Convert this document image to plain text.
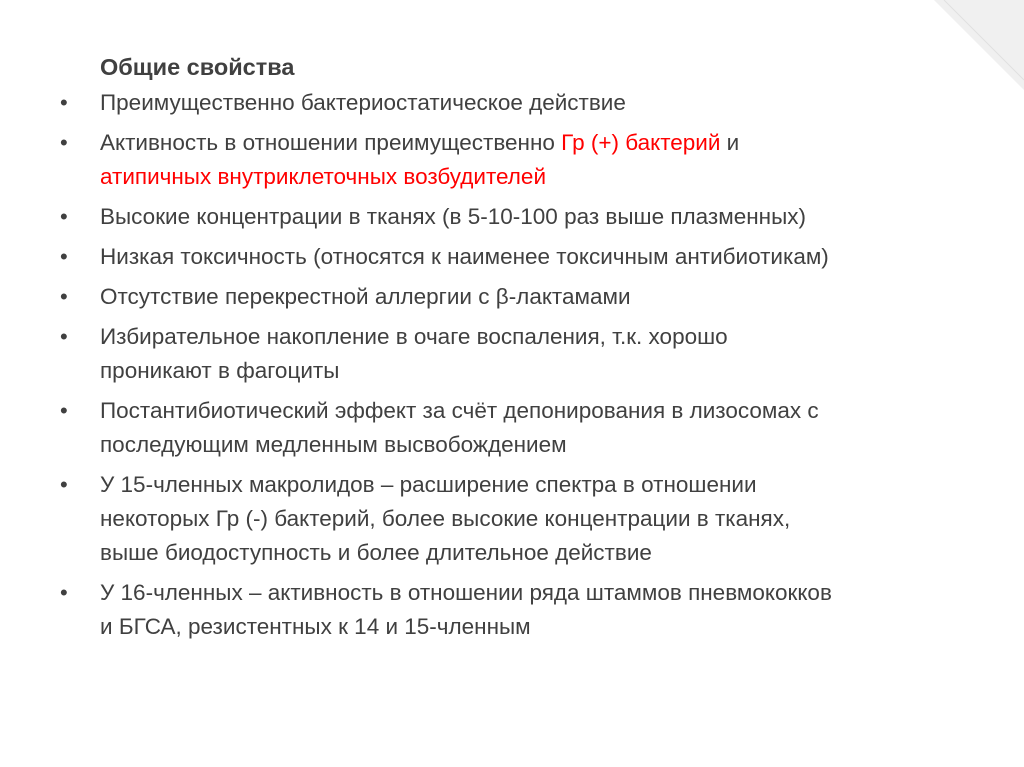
Общие свойства
•	Преимущественно бактериостатическое действие
•	Активность в отношении преимущественно Гр (+) бактерий и
атипичных внутриклеточных возбудителей
•	Высокие концентрации в тканях (в 5-10-100 раз выше плазменных)
•	Низкая токсичность (относятся к наименее токсичным антибиотикам)
•	Отсутствие перекрестной аллергии с β-лактамами
•	Избирательное накопление в очаге воспаления, т.к. хорошо
проникают в фагоциты
•	Постантибиотический эффект за счёт депонирования в лизосомах с
последующим медленным высвобождением
•	У 15-членных макролидов – расширение спектра в отношении
некоторых Гр (-) бактерий, более высокие концентрации в тканях,
выше биодоступность и более длительное действие
•	У 16-членных – активность в отношении ряда штаммов пневмококков
и БГСА, резистентных к 14 и 15-членным
